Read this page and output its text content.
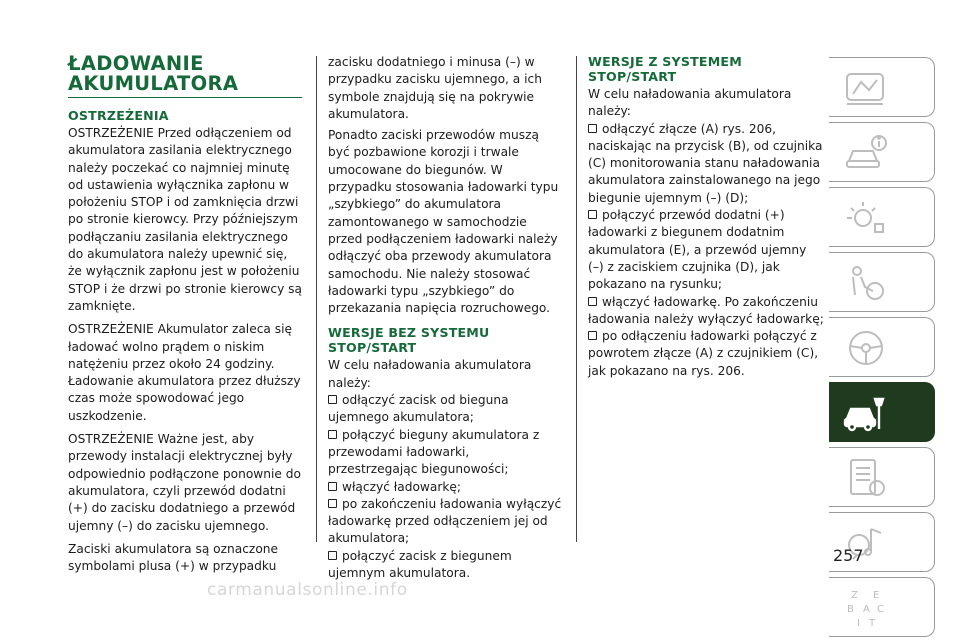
ŁADOWANIE
AKUMULATORA
OSTRZEŻENIA

OSTRZEŻENIE Przed odłączeniem od akumulatora zasilania elektrycznego należy poczekać co najmniej minutę od ustawienia wyłącznika zapłonu w położeniu STOP i od zamknięcia drzwi po stronie kierowcy. Przy późniejszym podłączaniu zasilania elektrycznego do akumulatora należy upewnić się, że wyłącznik zapłonu jest w położeniu STOP i że drzwi po stronie kierowcy są zamknięte.

OSTRZEŻENIE Akumulator zaleca się ładować wolno prądem o niskim natężeniu przez około 24 godziny. Ładowanie akumulatora przez dłuższy czas może spowodować jego uszkodzenie.

OSTRZEŻENIE Ważne jest, aby przewody instalacji elektrycznej były odpowiednio podłączone ponownie do akumulatora, czyli przewód dodatni (+) do zacisku dodatniego a przewód ujemny (–) do zacisku ujemnego.

Zaciski akumulatora są oznaczone symbolami plusa (+) w przypadku

zacisku dodatniego i minusa (–) w przypadku zacisku ujemnego, a ich symbole znajdują się na pokrywie akumulatora.

Ponadto zaciski przewodów muszą być pozbawione korozji i trwale umocowane do biegunów. W przypadku stosowania ładowarki typu „szybkiego” do akumulatora zamontowanego w samochodzie przed podłączeniem ładowarki należy odłączyć oba przewody akumulatora samochodu. Nie należy stosować ładowarki typu „szybkiego” do przekazania napięcia rozruchowego.

WERSJE BEZ SYSTEMU
STOP/START

W celu naładowania akumulatora należy:

odłączyć zacisk od bieguna ujemnego akumulatora;
połączyć bieguny akumulatora z przewodami ładowarki, przestrzegając biegunowości;
włączyć ładowarkę;
po zakończeniu ładowania wyłączyć ładowarkę przed odłączeniem jej od akumulatora;
połączyć zacisk z biegunem ujemnym akumulatora.
WERSJE Z SYSTEMEM
STOP/START

W celu naładowania akumulatora należy:

odłączyć złącze (A) rys. 206, naciskając na przycisk (B), od czujnika (C) monitorowania stanu naładowania akumulatora zainstalowanego na jego biegunie ujemnym (–) (D);
połączyć przewód dodatni (+) ładowarki z biegunem dodatnim akumulatora (E), a przewód ujemny (–) z zaciskiem czujnika (D), jak pokazano na rysunku;
włączyć ładowarkę. Po zakończeniu ładowania należy wyłączyć ładowarkę;
po odłączeniu ładowarki połączyć z powrotem złącze (A) z czujnikiem (C), jak pokazano na rys. 206.
Z E
B A C
I T
257
carmanualsonline.info
